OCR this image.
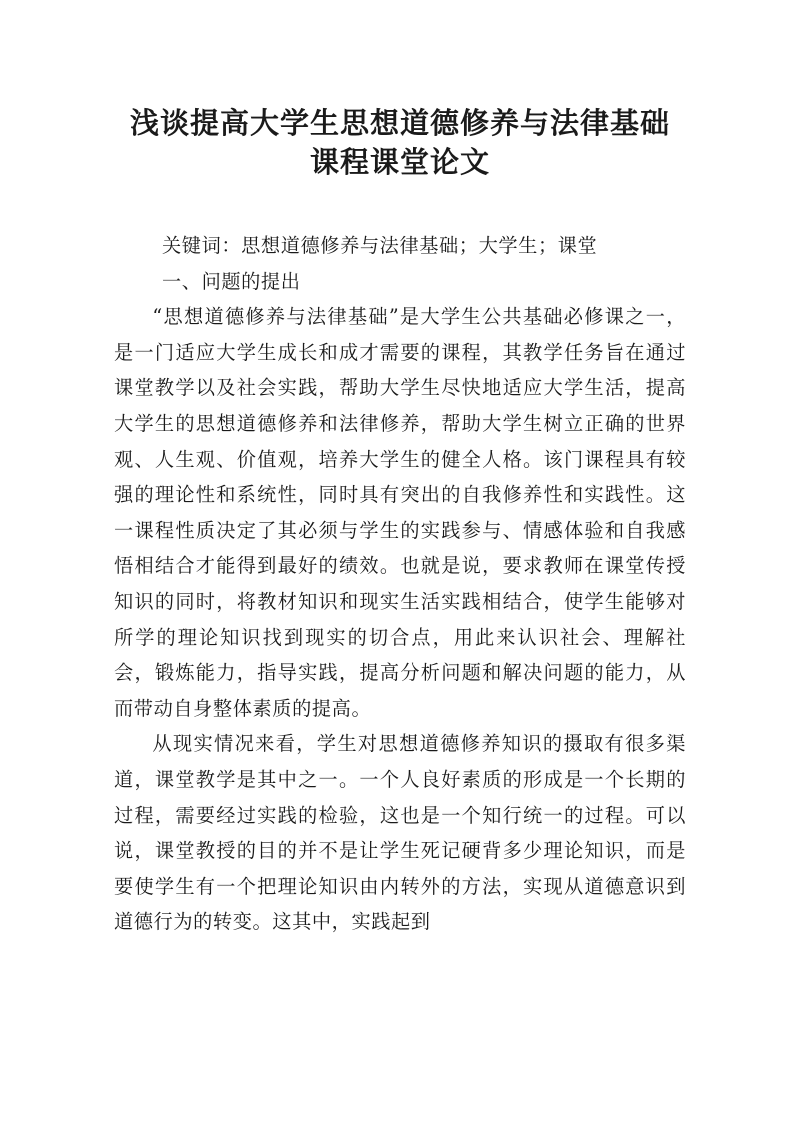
浅谈提高大学生思想道德修养与法律基础
课程课堂论文

关键词：思想道德修养与法律基础；大学生；课堂

一、问题的提出

“思想道德修养与法律基础”是大学生公共基础必修课之一，是一门适应大学生成长和成才需要的课程，其教学任务旨在通过课堂教学以及社会实践，帮助大学生尽快地适应大学生活，提高大学生的思想道德修养和法律修养，帮助大学生树立正确的世界观、人生观、价值观，培养大学生的健全人格。该门课程具有较强的理论性和系统性，同时具有突出的自我修养性和实践性。这一课程性质决定了其必须与学生的实践参与、情感体验和自我感悟相结合才能得到最好的绩效。也就是说，要求教师在课堂传授知识的同时，将教材知识和现实生活实践相结合，使学生能够对所学的理论知识找到现实的切合点，用此来认识社会、理解社会，锻炼能力，指导实践，提高分析问题和解决问题的能力，从而带动自身整体素质的提高。

从现实情况来看，学生对思想道德修养知识的摄取有很多渠道，课堂教学是其中之一。一个人良好素质的形成是一个长期的过程，需要经过实践的检验，这也是一个知行统一的过程。可以说，课堂教授的目的并不是让学生死记硬背多少理论知识，而是要使学生有一个把理论知识由内转外的方法，实现从道德意识到道德行为的转变。这其中，实践起到
